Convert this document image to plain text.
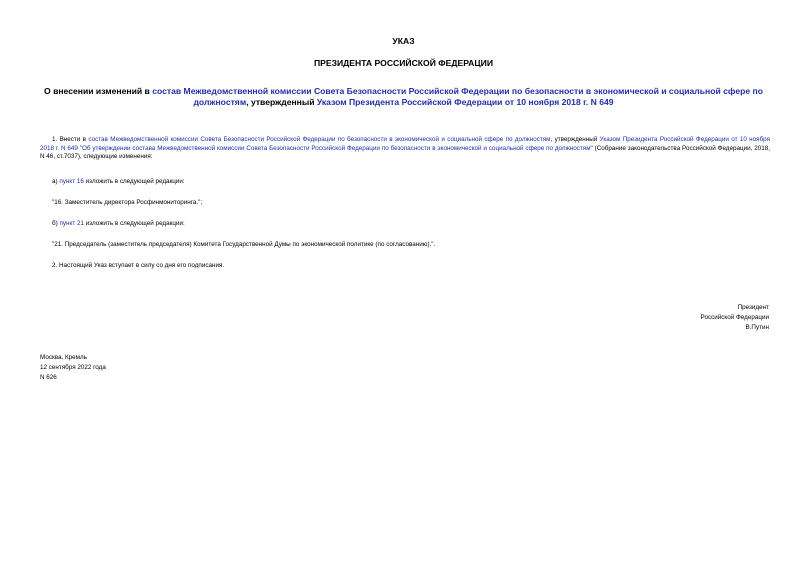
УКАЗ
ПРЕЗИДЕНТА РОССИЙСКОЙ ФЕДЕРАЦИИ
О внесении изменений в состав Межведомственной комиссии Совета Безопасности Российской Федерации по безопасности в экономической и социальной сфере по должностям, утвержденный Указом Президента Российской Федерации от 10 ноября 2018 г. N 649
1. Внести в состав Межведомственной комиссии Совета Безопасности Российской Федерации по безопасности в экономической и социальной сфере по должностям, утвержденный Указом Президента Российской Федерации от 10 ноября 2018 г. N 649 "Об утверждении состава Межведомственной комиссии Совета Безопасности Российской Федерации по безопасности в экономической и социальной сфере по должностям" (Собрание законодательства Российской Федерации, 2018, N 46, ст.7037), следующие изменения:
а) пункт 16 изложить в следующей редакции:
"16. Заместитель директора Росфинмониторинга.";
б) пункт 21 изложить в следующей редакции:
"21. Председатель (заместитель председателя) Комитета Государственной Думы по экономической политике (по согласованию).".
2. Настоящий Указ вступает в силу со дня его подписания.
Президент
Российской Федерации
В.Путин
Москва, Кремль
12 сентября 2022 года
N 626
